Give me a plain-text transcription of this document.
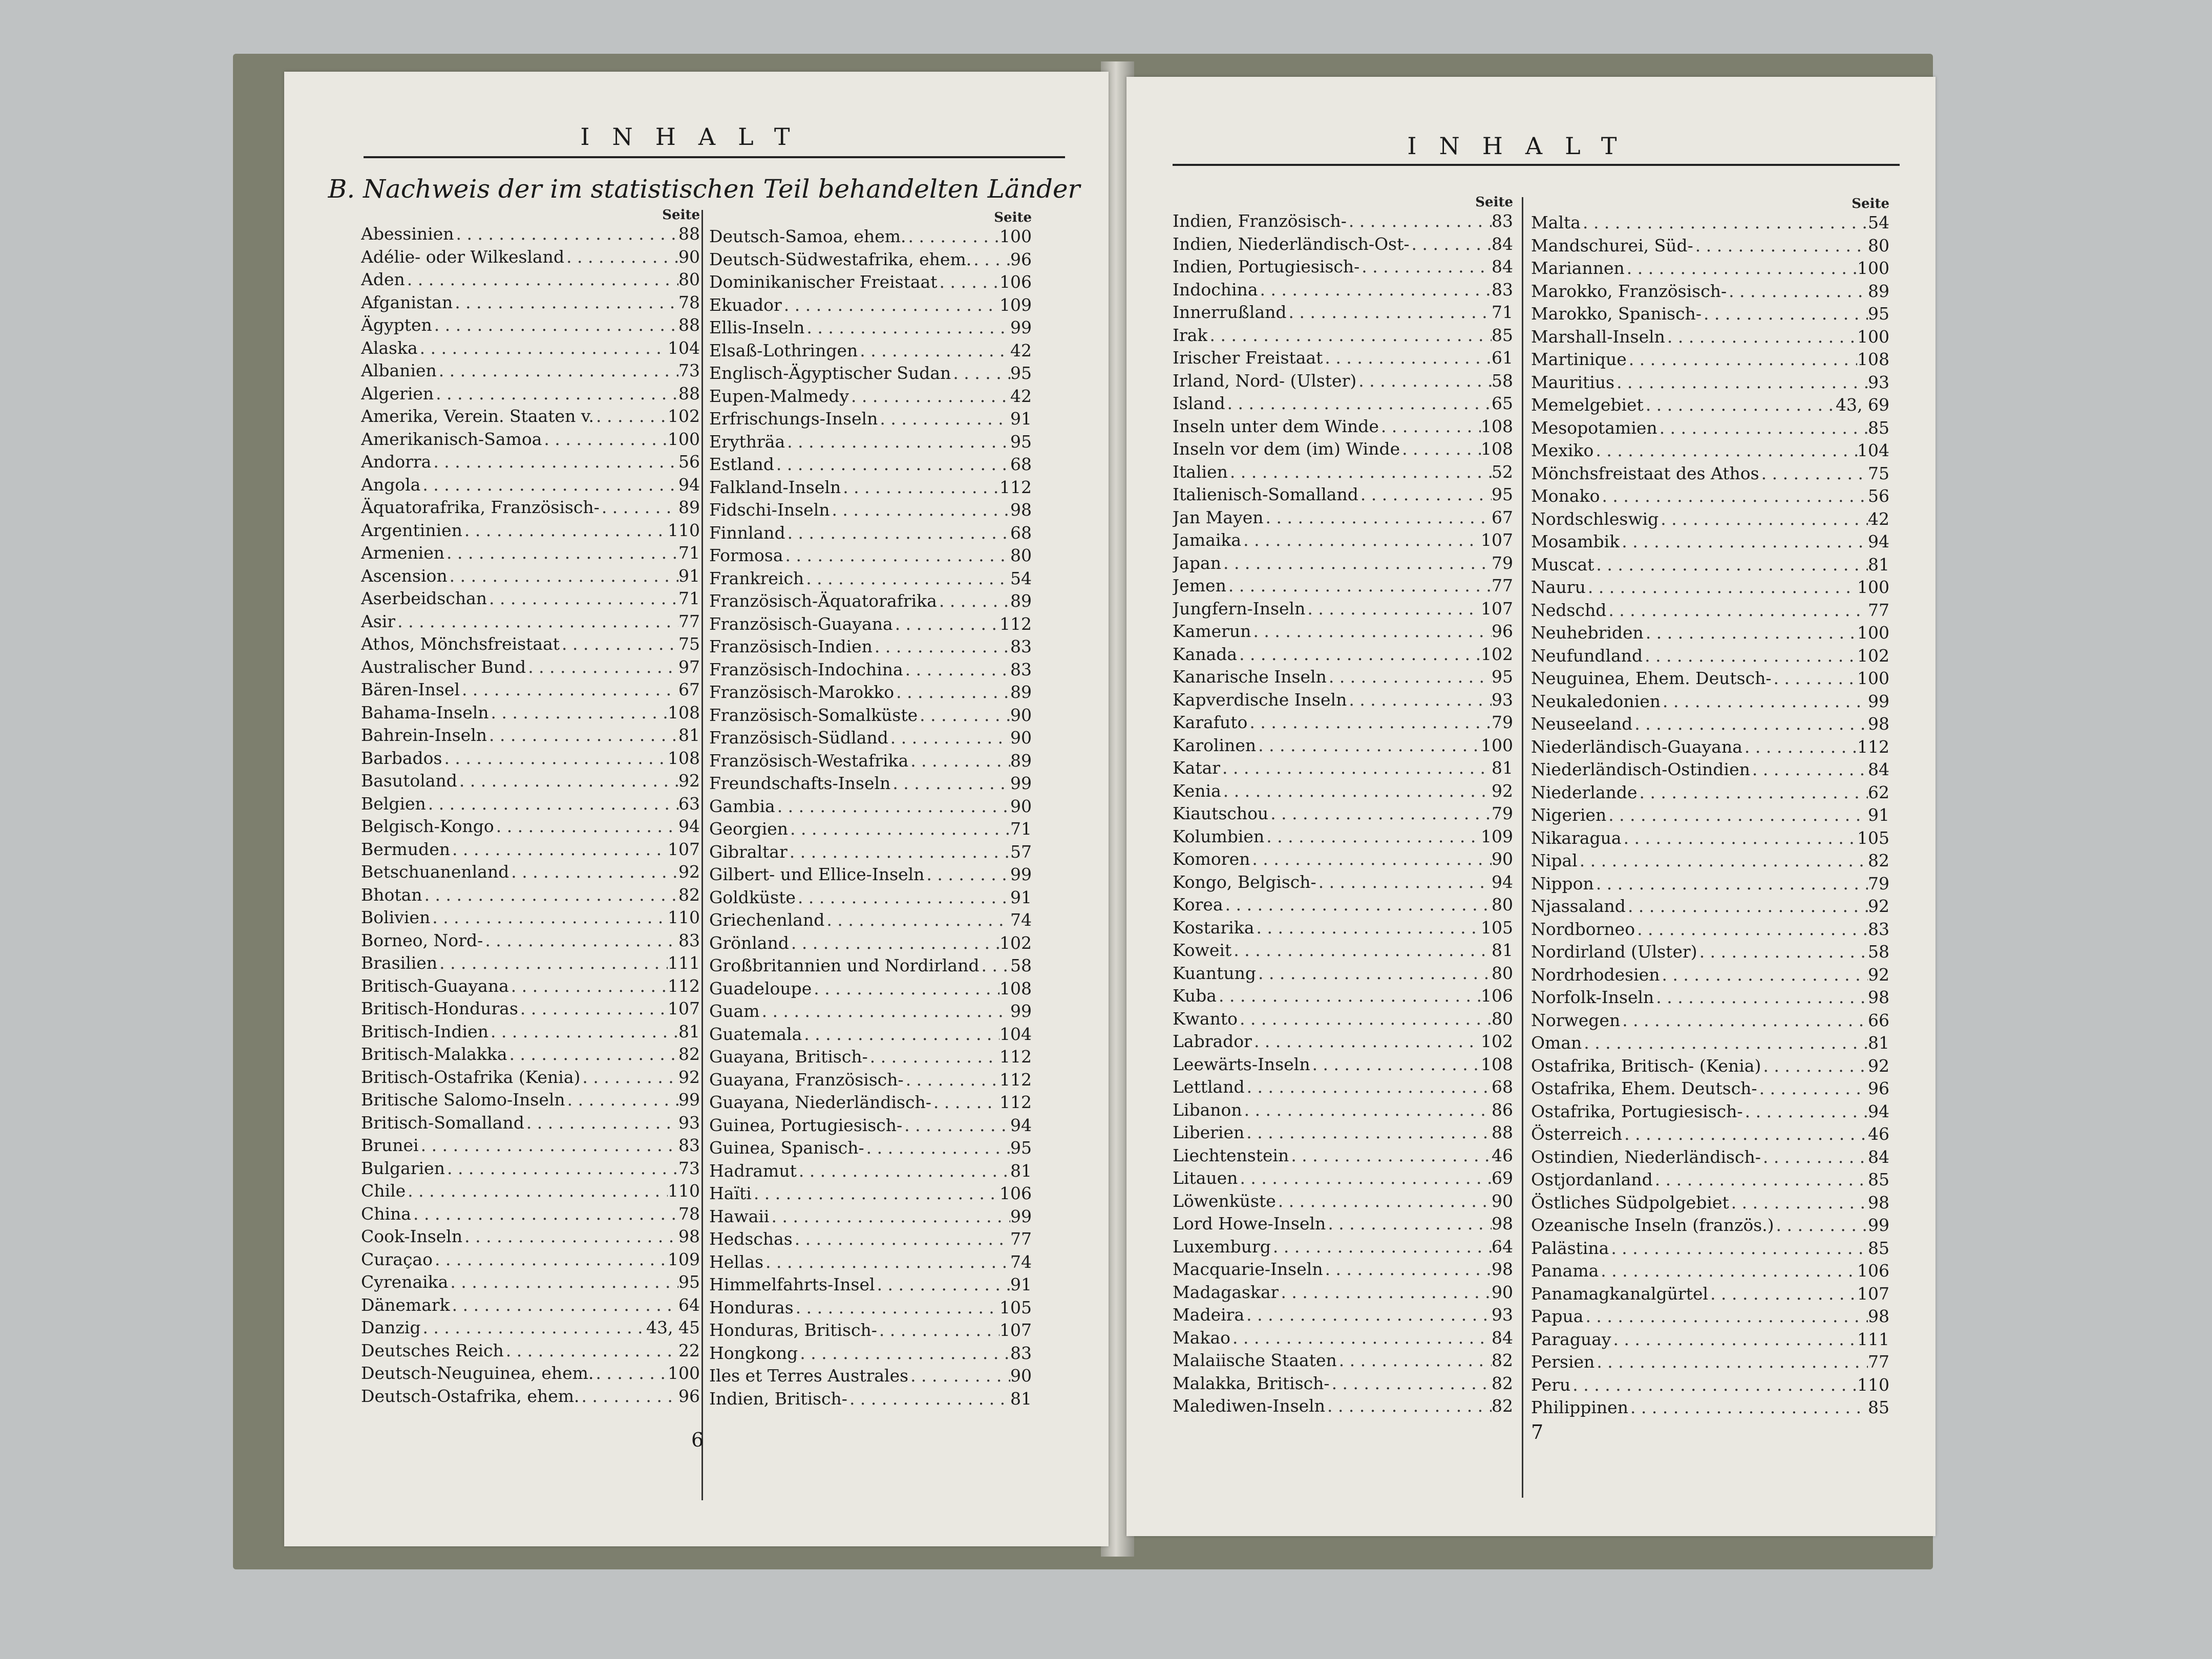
INHALT
B. Nachweis der im statistischen Teil behandelten Länder
Seite
Abessinien . . .	88
Adélie- oder Wilkesland . . .	90
Aden . . .	80
Afganistan . . .	78
Ägypten . . .	88
Alaska . . .	104
Albanien . . .	73
Algerien . . .	88
Amerika, Verein. Staaten v. . . .	102
Amerikanisch-Samoa . . .	100
Andorra . . .	56
Angola . . .	94
Äquatorafrika, Französisch- . . .	89
Argentinien . . .	110
Armenien . . .	71
Ascension . . .	91
Aserbeidschan . . .	71
Asir . . .	77
Athos, Mönchsfreistaat . . .	75
Australischer Bund . . .	97
Bären-Insel . . .	67
Bahama-Inseln . . .	108
Bahrein-Inseln . . .	81
Barbados . . .	108
Basutoland . . .	92
Belgien . . .	63
Belgisch-Kongo . . .	94
Bermuden . . .	107
Betschuanenland . . .	92
Bhotan . . .	82
Bolivien . . .	110
Borneo, Nord- . . .	83
Brasilien . . .	111
Britisch-Guayana . . .	112
Britisch-Honduras . . .	107
Britisch-Indien . . .	81
Britisch-Malakka . . .	82
Britisch-Ostafrika (Kenia) . . .	92
Britische Salomo-Inseln . . .	99
Britisch-Somalland . . .	93
Brunei . . .	83
Bulgarien . . .	73
Chile . . .	110
China . . .	78
Cook-Inseln . . .	98
Curaçao . . .	109
Cyrenaika . . .	95
Dänemark . . .	64
Danzig . . .	43, 45
Deutsches Reich . . .	22
Deutsch-Neuguinea, ehem. . . .	100
Deutsch-Ostafrika, ehem. . . .	96
Seite
Deutsch-Samoa, ehem. . . .	100
Deutsch-Südwestafrika, ehem. . . . 96
Dominikanischer Freistaat . . .	106
Ekuador . . .	109
Ellis-Inseln . . .	99
Elsaß-Lothringen . . .	42
Englisch-Ägyptischer Sudan . . .	95
Eupen-Malmedy . . .	42
Erfrischungs-Inseln . . .	91
Erythräa . . .	95
Estland . . .	68
Falkland-Inseln . . .	112
Fidschi-Inseln . . .	98
Finnland . . .	68
Formosa . . .	80
Frankreich . . .	54
Französisch-Äquatorafrika . . .	89
Französisch-Guayana . . .	112
Französisch-Indien . . .	83
Französisch-Indochina . . .	83
Französisch-Marokko . . .	89
Französisch-Somalküste . . .	90
Französisch-Südland . . .	90
Französisch-Westafrika . . .	89
Freundschafts-Inseln . . .	99
Gambia . . .	90
Georgien . . .	71
Gibraltar . . .	57
Gilbert- und Ellice-Inseln . . .	99
Goldküste . . .	91
Griechenland . . .	74
Grönland . . .	102
Großbritannien und Nordirland . . . 58
Guadeloupe . . .	108
Guam . . .	99
Guatemala . . .	104
Guayana, Britisch- . . .	112
Guayana, Französisch- . . .	112
Guayana, Niederländisch- . . .	112
Guinea, Portugiesisch- . . .	94
Guinea, Spanisch- . . .	95
Hadramut . . .	81
Haïti . . .	106
Hawaii . . .	99
Hedschas . . .	77
Hellas . . .	74
Himmelfahrts-Insel . . .	91
Honduras . . .	105
Honduras, Britisch- . . .	107
Hongkong . . .	83
Iles et Terres Australes . . .	90
Indien, Britisch- . . .	81
6
INHALT
Seite
Indien, Französisch- . . .	83
Indien, Niederländisch-Ost- . . .	84
Indien, Portugiesisch- . . .	84
Indochina . . .	83
Innerrußland . . .	71
Irak . . .	85
Irischer Freistaat . . .	61
Irland, Nord- (Ulster) . . .	58
Island . . .	65
Inseln unter dem Winde . . .	108
Inseln vor dem (im) Winde . . .	108
Italien . . .	52
Italienisch-Somalland . . .	95
Jan Mayen . . .	67
Jamaika . . .	107
Japan . . .	79
Jemen . . .	77
Jungfern-Inseln . . .	107
Kamerun . . .	96
Kanada . . .	102
Kanarische Inseln . . .	95
Kapverdische Inseln . . .	93
Karafuto . . .	79
Karolinen . . .	100
Katar . . .	81
Kenia . . .	92
Kiautschou . . .	79
Kolumbien . . .	109
Komoren . . .	90
Kongo, Belgisch- . . .	94
Korea . . .	80
Kostarika . . .	105
Koweit . . .	81
Kuantung . . .	80
Kuba . . .	106
Kwanto . . .	80
Labrador . . .	102
Leewärts-Inseln . . .	108
Lettland . . .	68
Libanon . . .	86
Liberien . . .	88
Liechtenstein . . .	46
Litauen . . .	69
Löwenküste . . .	90
Lord Howe-Inseln . . .	98
Luxemburg . . .	64
Macquarie-Inseln . . .	98
Madagaskar . . .	90
Madeira . . .	93
Makao . . .	84
Malaiische Staaten . . .	82
Malakka, Britisch- . . .	82
Malediwen-Inseln . . .	82
Seite
Malta . . .	54
Mandschurei, Süd- . . .	80
Mariannen . . .	100
Marokko, Französisch- . . .	89
Marokko, Spanisch- . . .	95
Marshall-Inseln . . .	100
Martinique . . .	108
Mauritius . . .	93
Memelgebiet . . .	43, 69
Mesopotamien . . .	85
Mexiko . . .	104
Mönchsfreistaat des Athos . . .	75
Monako . . .	56
Nordschleswig . . .	42
Mosambik . . .	94
Muscat . . .	81
Nauru . . .	100
Nedschd . . .	77
Neuhebriden . . .	100
Neufundland . . .	102
Neuguinea, Ehem. Deutsch- . . .	100
Neukaledonien . . .	99
Neuseeland . . .	98
Niederländisch-Guayana . . .	112
Niederländisch-Ostindien . . .	84
Niederlande . . .	62
Nigerien . . .	91
Nikaragua . . .	105
Nipal . . .	82
Nippon . . .	79
Njassaland . . .	92
Nordborneo . . .	83
Nordirland (Ulster) . . .	58
Nordrhodesien . . .	92
Norfolk-Inseln . . .	98
Norwegen . . .	66
Oman . . .	81
Ostafrika, Britisch- (Kenia) . . .	92
Ostafrika, Ehem. Deutsch- . . .	96
Ostafrika, Portugiesisch- . . .	94
Österreich . . .	46
Ostindien, Niederländisch- . . .	84
Ostjordanland . . .	85
Östliches Südpolgebiet . . .	98
Ozeanische Inseln (französ.) . . .	99
Palästina . . .	85
Panama . . .	106
Panamagkanalgürtel . . .	107
Papua . . .	98
Paraguay . . .	111
Persien . . .	77
Peru . . .	110
Philippinen . . .	85
7
